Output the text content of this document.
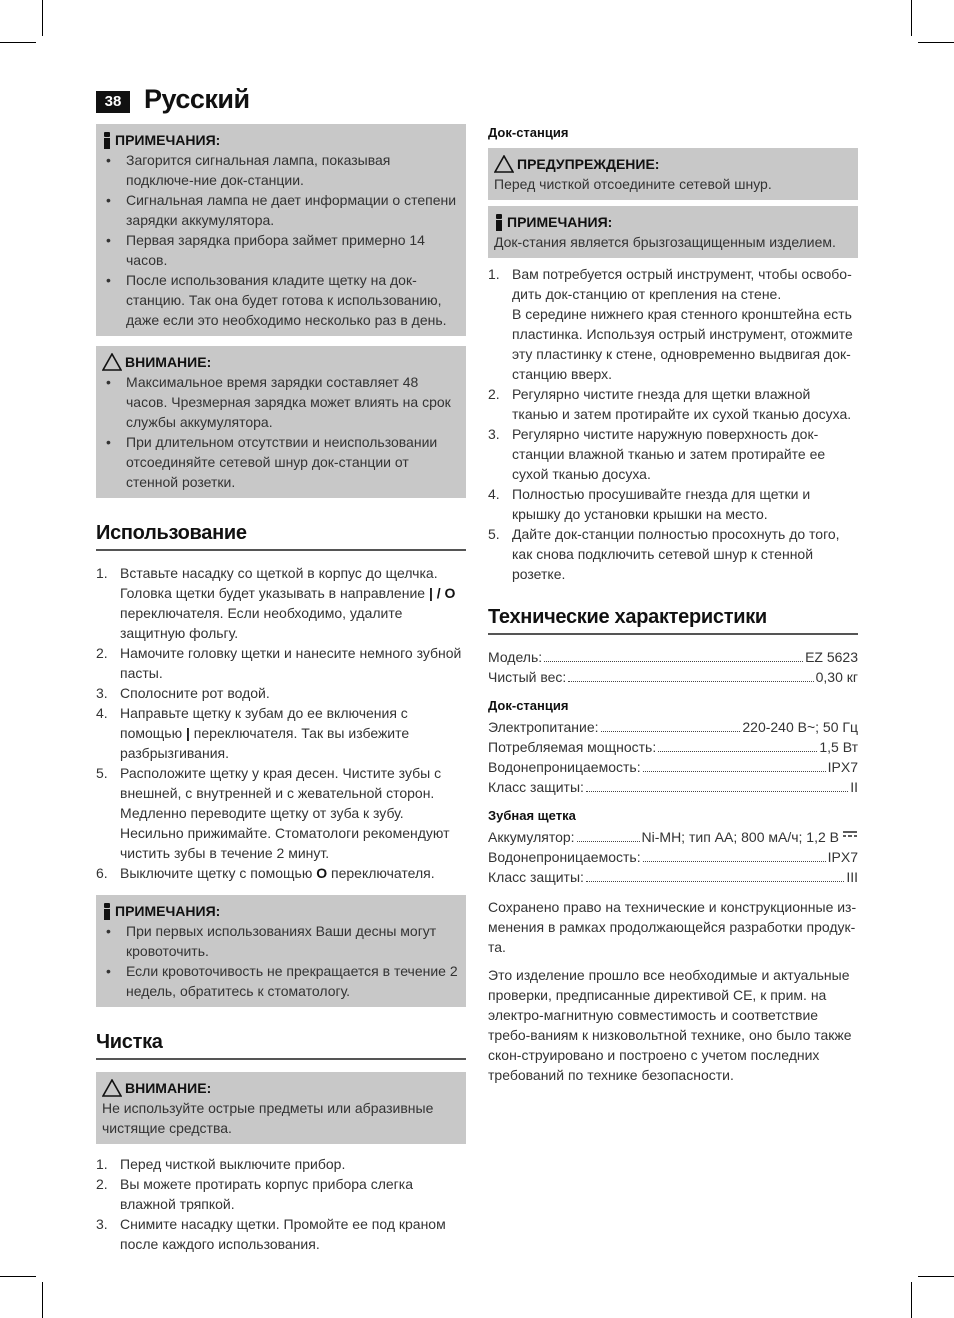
38 Русский
ПРИМЕЧАНИЯ:
• Загорится сигнальная лампа, показывая подключе-ние док-станции.
• Сигнальная лампа не дает информации о степени зарядки аккумулятора.
• Первая зарядка прибора займет примерно 14 часов.
• После использования кладите щетку на док-станцию. Так она будет готова к использованию, даже если это необходимо несколько раз в день.
ВНИМАНИЕ:
• Максимальное время зарядки составляет 48 часов. Чрезмерная зарядка может влиять на срок службы аккумулятора.
• При длительном отсутствии и неиспользовании отсоединяйте сетевой шнур док-станции от стенной розетки.
Использование
1. Вставьте насадку со щеткой в корпус до щелчка. Головка щетки будет указывать в направление | / O переключателя. Если необходимо, удалите защитную фольгу.
2. Намочите головку щетки и нанесите немного зубной пасты.
3. Сполосните рот водой.
4. Направьте щетку к зубам до ее включения с помощью | переключателя. Так вы избежите разбрызгивания.
5. Расположите щетку у края десен. Чистите зубы с внешней, с внутренней и с жевательной сторон. Медленно переводите щетку от зуба к зубу. Несильно прижимайте. Стоматологи рекомендуют чистить зубы в течение 2 минут.
6. Выключите щетку с помощью O переключателя.
ПРИМЕЧАНИЯ:
• При первых использованиях Ваши десны могут кровоточить.
• Если кровоточивость не прекращается в течение 2 недель, обратитесь к стоматологу.
Чистка
ВНИМАНИЕ:
Не используйте острые предметы или абразивные чистящие средства.
1. Перед чисткой выключите прибор.
2. Вы можете протирать корпус прибора слегка влажной тряпкой.
3. Снимите насадку щетки. Промойте ее под краном после каждого использования.
Док-станция
ПРЕДУПРЕЖДЕНИЕ:
Перед чисткой отсоедините сетевой шнур.
ПРИМЕЧАНИЯ:
Док-стания является брызгозащищенным изделием.
1. Вам потребуется острый инструмент, чтобы освобо-дить док-станцию от крепления на стене.
В середине нижнего края стенного кронштейна есть пластинка. Используя острый инструмент, отожмите эту пластинку к стене, одновременно выдвигая док-станцию вверх.
2. Регулярно чистите гнезда для щетки влажной тканью и затем протирайте их сухой тканью досуха.
3. Регулярно чистите наружную поверхность док-станции влажной тканью и затем протирайте ее сухой тканью досуха.
4. Полностью просушивайте гнезда для щетки и крышку до установки крышки на место.
5. Дайте док-станции полностью просохнуть до того, как снова подключить сетевой шнур к стенной розетке.
Технические характеристики
Модель:	EZ 5623
Чистый вес:	0,30 кг
Док-станция
Электропитание:	220-240 В~; 50 Гц
Потребляемая мощность:	1,5 Вт
Водонепроницаемость:	IPX7
Класс защиты:	II
Зубная щетка
Аккумулятор:	Ni-MH; тип AA; 800 мА/ч; 1,2 В
Водонепроницаемость:	IPX7
Класс защиты:	III

Сохранено право на технические и конструкционные из-менения в рамках продолжающейся разработки продук-та.

Это изделение прошло все необходимые и актуальные проверки, предписанные директивой CE, к прим. на электро-магнитную совместимость и соответствие требо-ваниям к низковольтной технике, оно было также скон-струировано и построено с учетом последних требований по технике безопасности.
